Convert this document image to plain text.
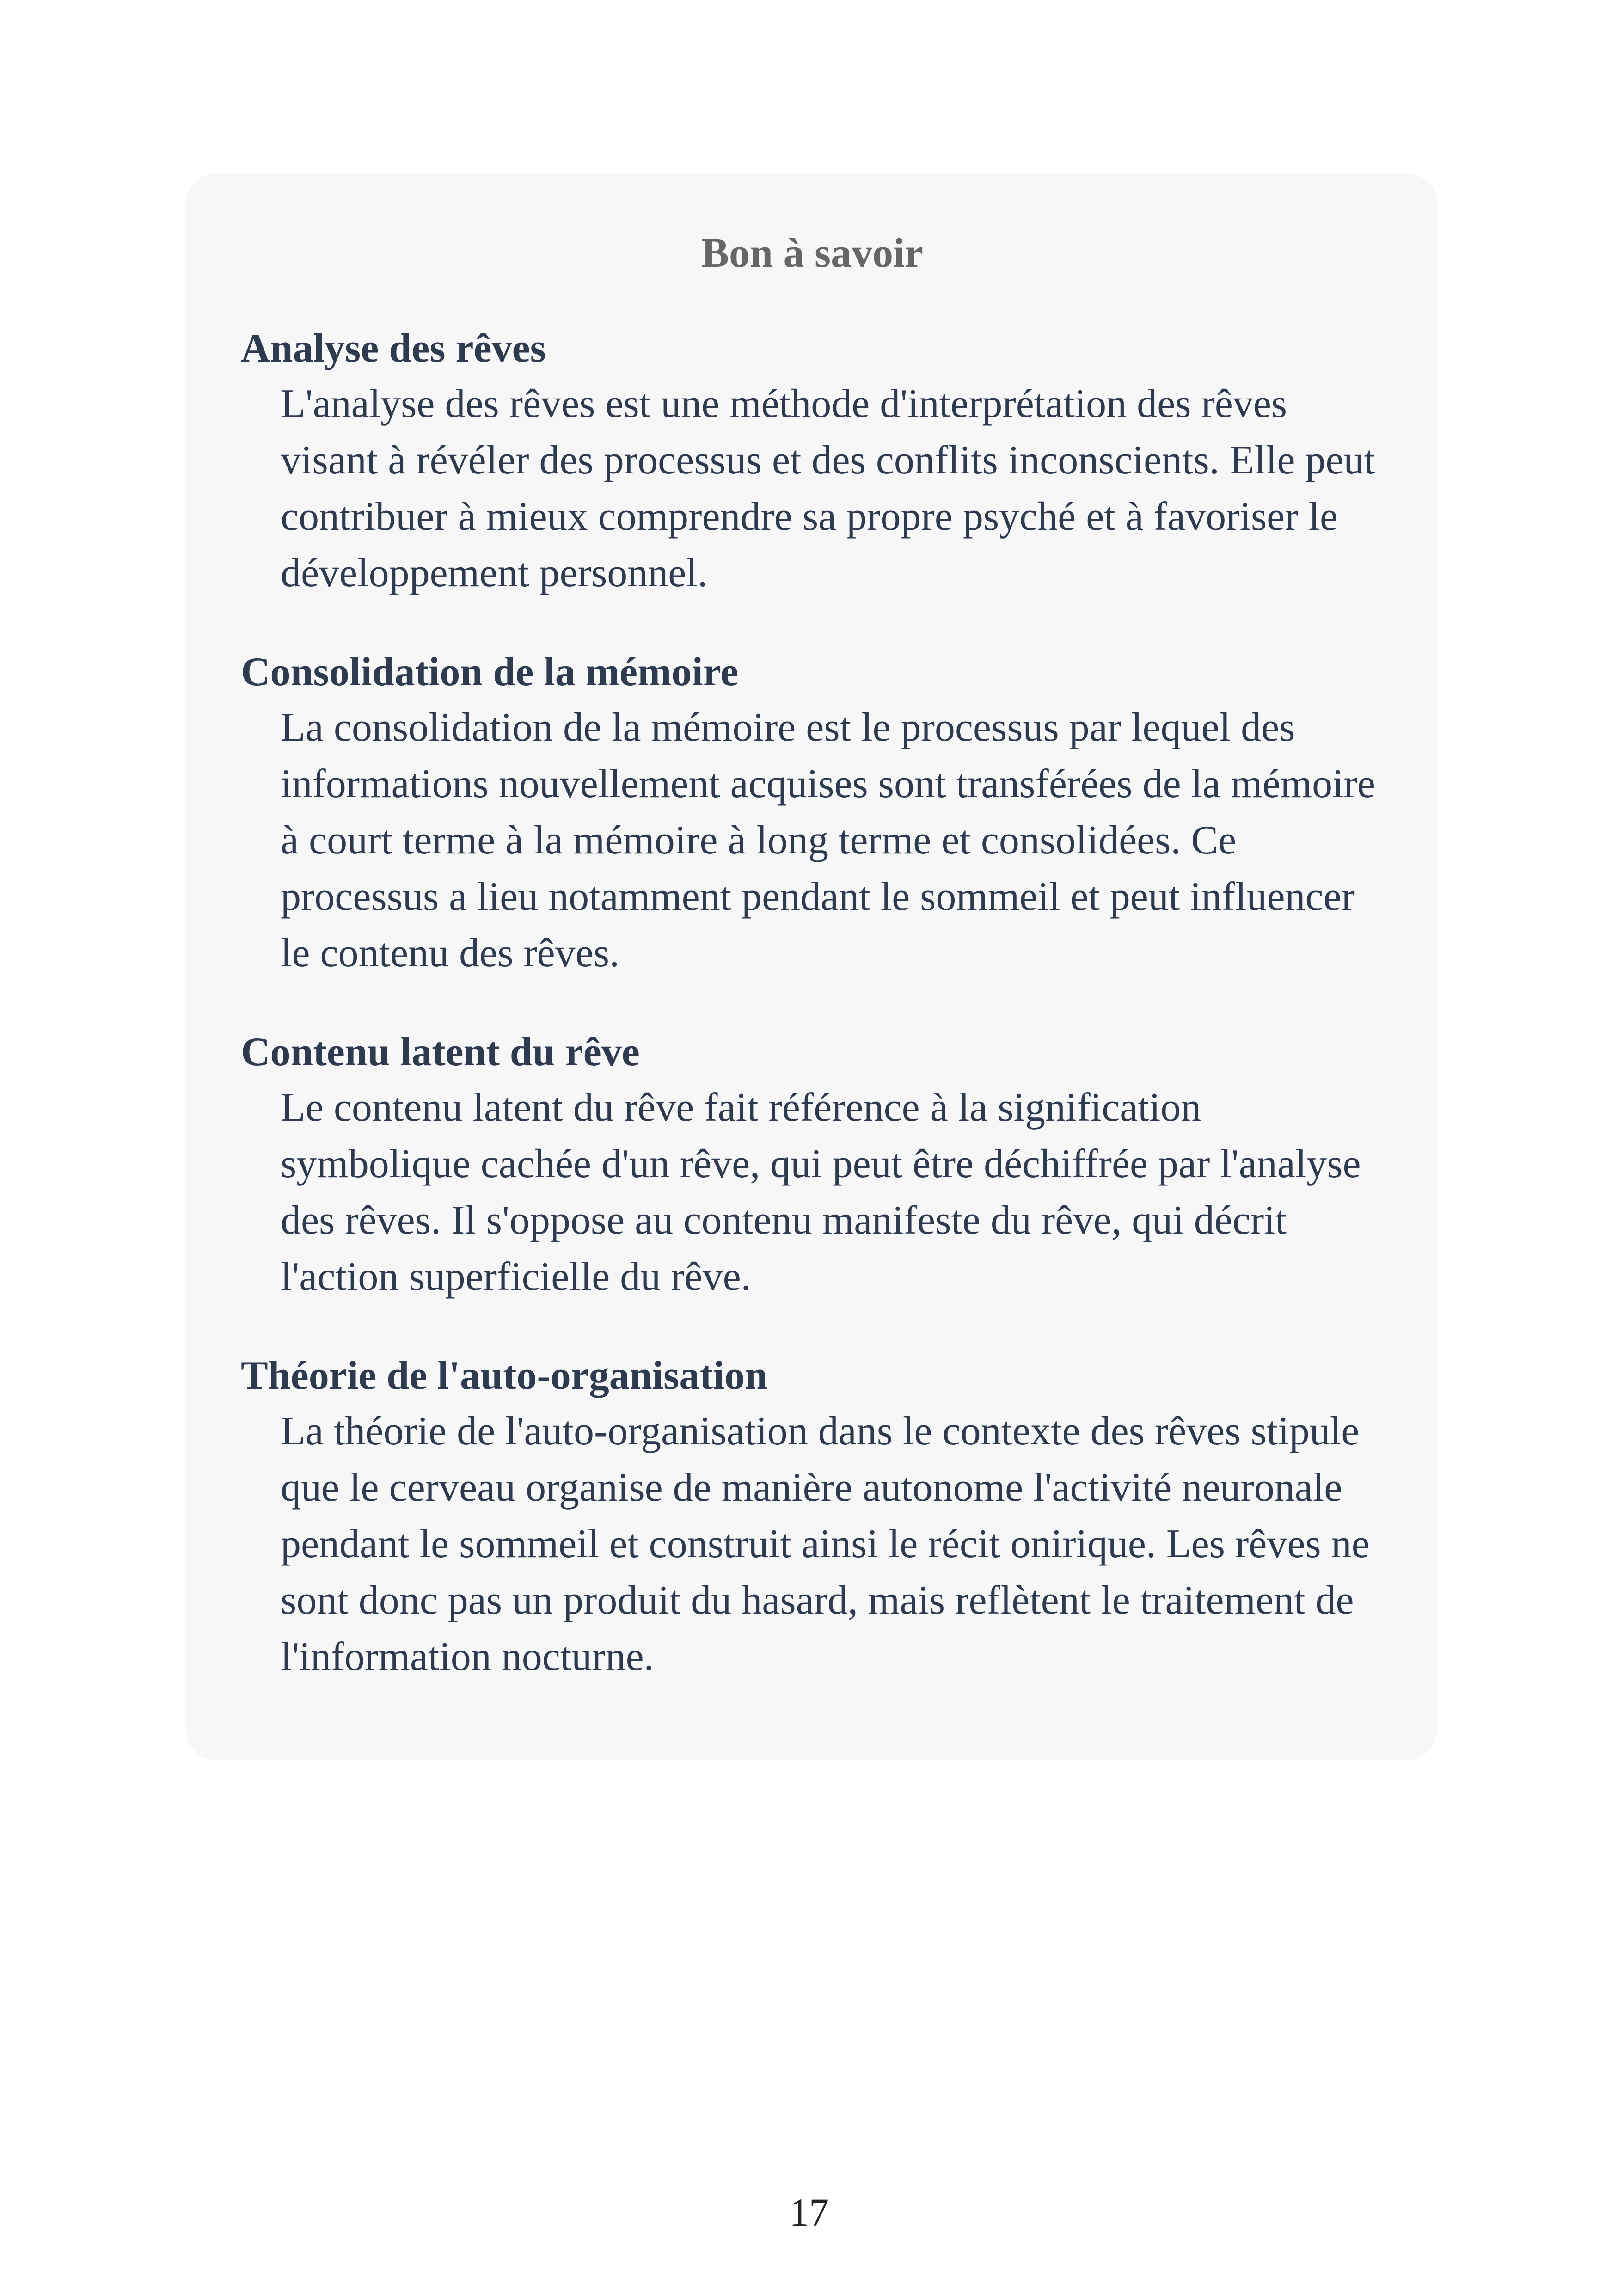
Bon à savoir

Analyse des rêves

L'analyse des rêves est une méthode d'interprétation des rêves visant à révéler des processus et des conflits inconscients. Elle peut contribuer à mieux comprendre sa propre psyché et à favoriser le développement personnel.

Consolidation de la mémoire

La consolidation de la mémoire est le processus par lequel des informations nouvellement acquises sont transférées de la mémoire à court terme à la mémoire à long terme et consolidées. Ce processus a lieu notamment pendant le sommeil et peut influencer le contenu des rêves.

Contenu latent du rêve

Le contenu latent du rêve fait référence à la signification symbolique cachée d'un rêve, qui peut être déchiffrée par l'analyse des rêves. Il s'oppose au contenu manifeste du rêve, qui décrit l'action superficielle du rêve.

Théorie de l'auto-organisation

La théorie de l'auto-organisation dans le contexte des rêves stipule que le cerveau organise de manière autonome l'activité neuronale pendant le sommeil et construit ainsi le récit onirique. Les rêves ne sont donc pas un produit du hasard, mais reflètent le traitement de l'information nocturne.

17
